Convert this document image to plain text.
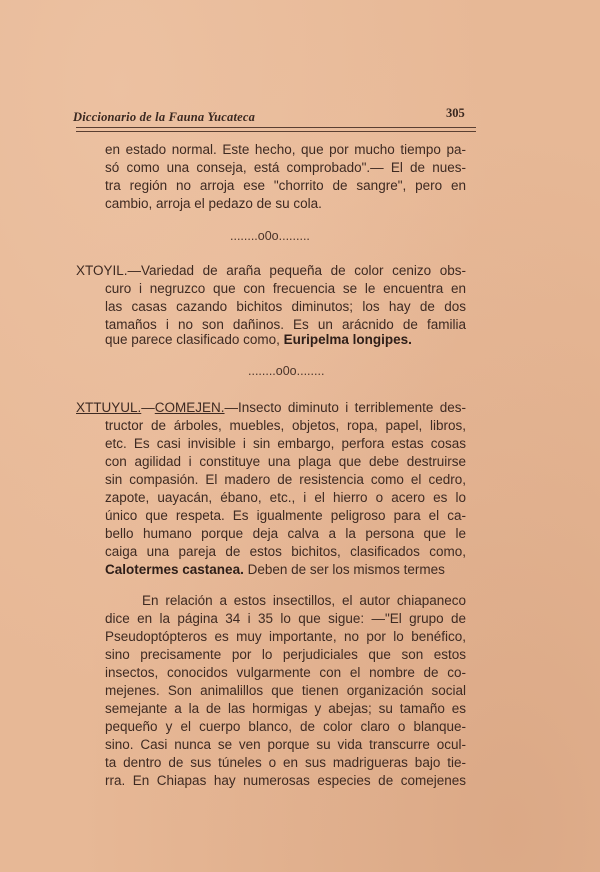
Diccionario de la Fauna Yucateca	305
en estado normal. Este hecho, que por mucho tiempo pa-
só como una conseja, está comprobado".— El de nues-
tra región no arroja ese "chorrito de sangre", pero en
cambio, arroja el pedazo de su cola.
........o0o.........
XTOYIL. —Variedad de araña pequeña de color cenizo obs-
curo i negruzco que con frecuencia se le encuentra en
las casas cazando bichitos diminutos; los hay de dos
tamaños i no son dañinos. Es un arácnido de familia
que parece clasificado como, Euripelma longipes.
........o0o........
XTTUYUL. — COMEJEN. —Insecto diminuto i terriblemente des-
tructor de árboles, muebles, objetos, ropa, papel, libros,
etc. Es casi invisible i sin embargo, perfora estas cosas
con agilidad i constituye una plaga que debe destruirse
sin compasión. El madero de resistencia como el cedro,
zapote, uayacán, ébano, etc., i el hierro o acero es lo
único que respeta. Es igualmente peligroso para el ca-
bello humano porque deja calva a la persona que le
caiga una pareja de estos bichitos, clasificados como,
Calotermes castanea. Deben de ser los mismos termes
En relación a estos insectillos, el autor chiapaneco
dice en la página 34 i 35 lo que sigue: —"El grupo de
Pseudoptópteros es muy importante, no por lo benéfico,
sino precisamente por lo perjudiciales que son estos
insectos, conocidos vulgarmente con el nombre de co-
mejenes. Son animalillos que tienen organización social
semejante a la de las hormigas y abejas; su tamaño es
pequeño y el cuerpo blanco, de color claro o blanque-
sino. Casi nunca se ven porque su vida transcurre ocul-
ta dentro de sus túneles o en sus madrigueras bajo tie-
rra. En Chiapas hay numerosas especies de comejenes
